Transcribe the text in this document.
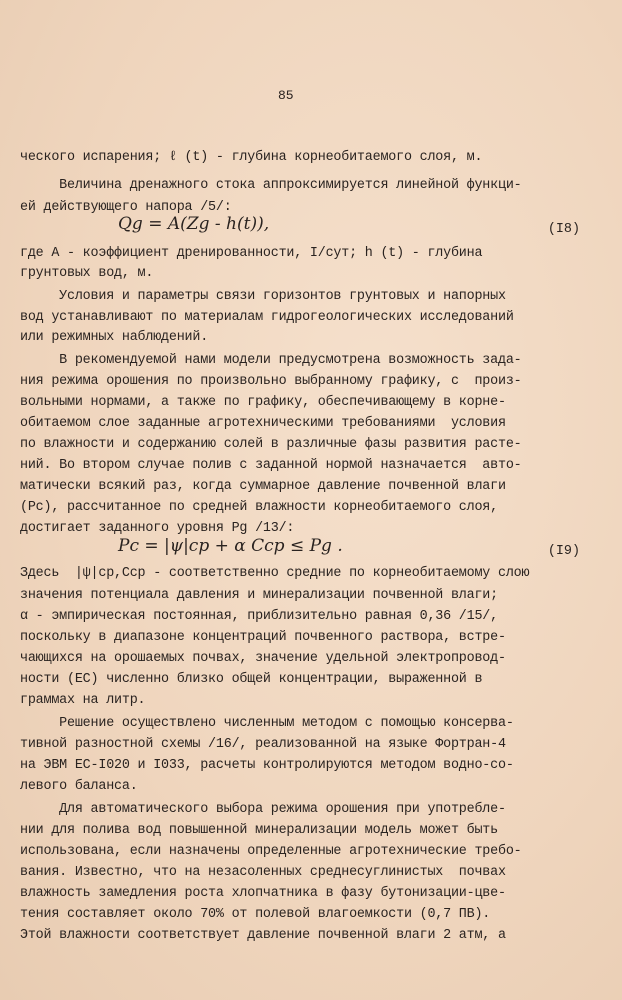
85
ческого испарения; ℓ (t) - глубина корнеобитаемого слоя, м.
Величина дренажного стока аппроксимируется линейной функци-
ей действующего напора /5/:
Qg = A(Zg - h(t)),	(I8)
где А - коэффициент дренированности, I/сут; h (t) - глубина
грунтовых вод, м.
Условия и параметры связи горизонтов грунтовых и напорных
вод устанавливают по материалам гидрогеологических исследований
или режимных наблюдений.
В рекомендуемой нами модели предусмотрена возможность зада-
ния режима орошения по произвольно выбранному графику, с  произ-
вольными нормами, а также по графику, обеспечивающему в корне-
обитаемом слое заданные агротехническими требованиями  условия
по влажности и содержанию солей в различные фазы развития расте-
ний. Во втором случае полив с заданной нормой назначается  авто-
матически всякий раз, когда суммарное давление почвенной влаги
(Pс), рассчитанное по средней влажности корнеобитаемого слоя,
достигает заданного уровня Pg /13/:
Pс = |ψ|ср + α Cср ≤ Pg .	(I9)
Здесь  |ψ|ср,Cср - соответственно средние по корнеобитаемому слою
значения потенциала давления и минерализации почвенной влаги;
α - эмпирическая постоянная, приблизительно равная 0,36 /15/,
поскольку в диапазоне концентраций почвенного раствора, встре-
чающихся на орошаемых почвах, значение удельной электропровод-
ности (ЕС) численно близко общей концентрации, выраженной в
граммах на литр.
Решение осуществлено численным методом с помощью консерва-
тивной разностной схемы /16/, реализованной на языке Фортран-4
на ЭВМ ЕС-I020 и I033, расчеты контролируются методом водно-со-
левого баланса.
Для автоматического выбора режима орошения при употребле-
нии для полива вод повышенной минерализации модель может быть
использована, если назначены определенные агротехнические требо-
вания. Известно, что на незасоленных среднесуглинистых  почвах
влажность замедления роста хлопчатника в фазу бутонизации-цве-
тения составляет около 70% от полевой влагоемкости (0,7 ПВ).
Этой влажности соответствует давление почвенной влаги 2 атм, а
